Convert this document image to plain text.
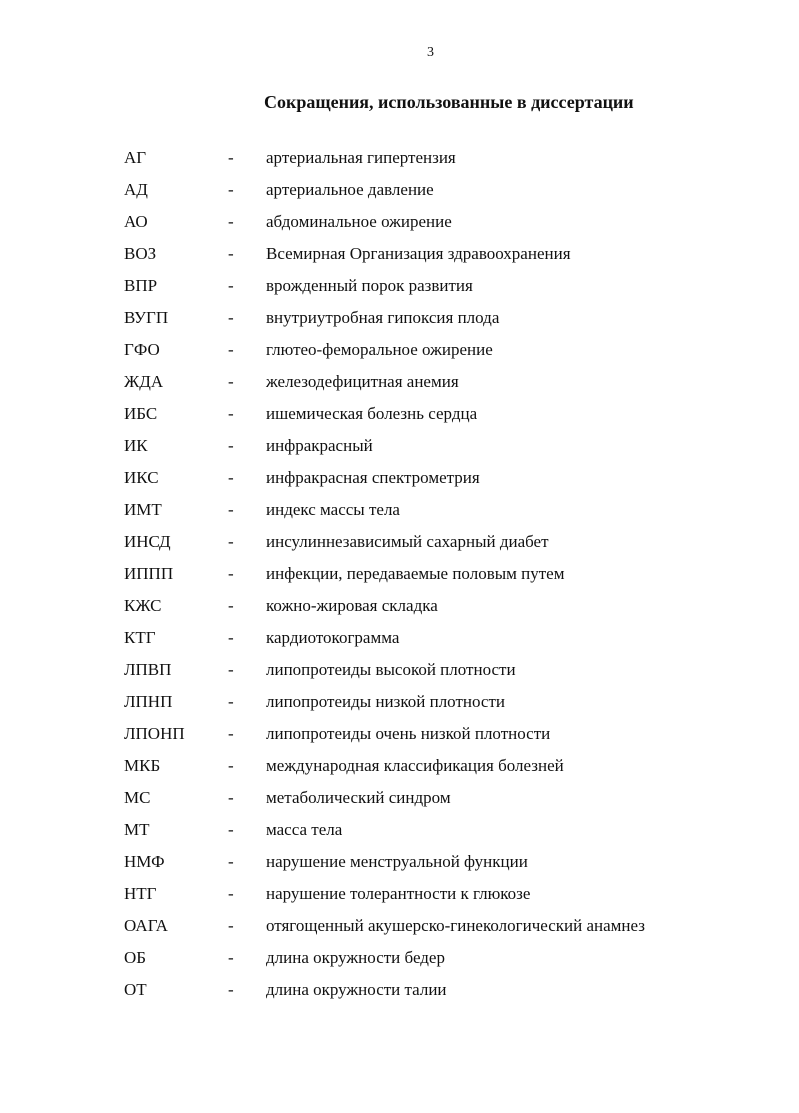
3
Сокращения, использованные в диссертации
АГ	- артериальная гипертензия
АД	- артериальное давление
АО	- абдоминальное ожирение
ВОЗ	- Всемирная Организация здравоохранения
ВПР	- врожденный порок развития
ВУГП	- внутриутробная гипоксия плода
ГФО	- глютео-феморальное ожирение
ЖДА	- железодефицитная анемия
ИБС	- ишемическая болезнь сердца
ИК	- инфракрасный
ИКС	- инфракрасная спектрометрия
ИМТ	- индекс массы тела
ИНСД	- инсулиннезависимый сахарный диабет
ИППП	- инфекции, передаваемые половым путем
КЖС	- кожно-жировая складка
КТГ	- кардиотокограмма
ЛПВП	- липопротеиды высокой плотности
ЛПНП	- липопротеиды низкой плотности
ЛПОНП	- липопротеиды очень низкой плотности
МКБ	- международная классификация болезней
МС	- метаболический синдром
МТ	- масса тела
НМФ	- нарушение менструальной функции
НТГ	- нарушение толерантности к глюкозе
ОАГА	- отягощенный акушерско-гинекологический анамнез
ОБ	- длина окружности бедер
ОТ	- длина окружности талии
